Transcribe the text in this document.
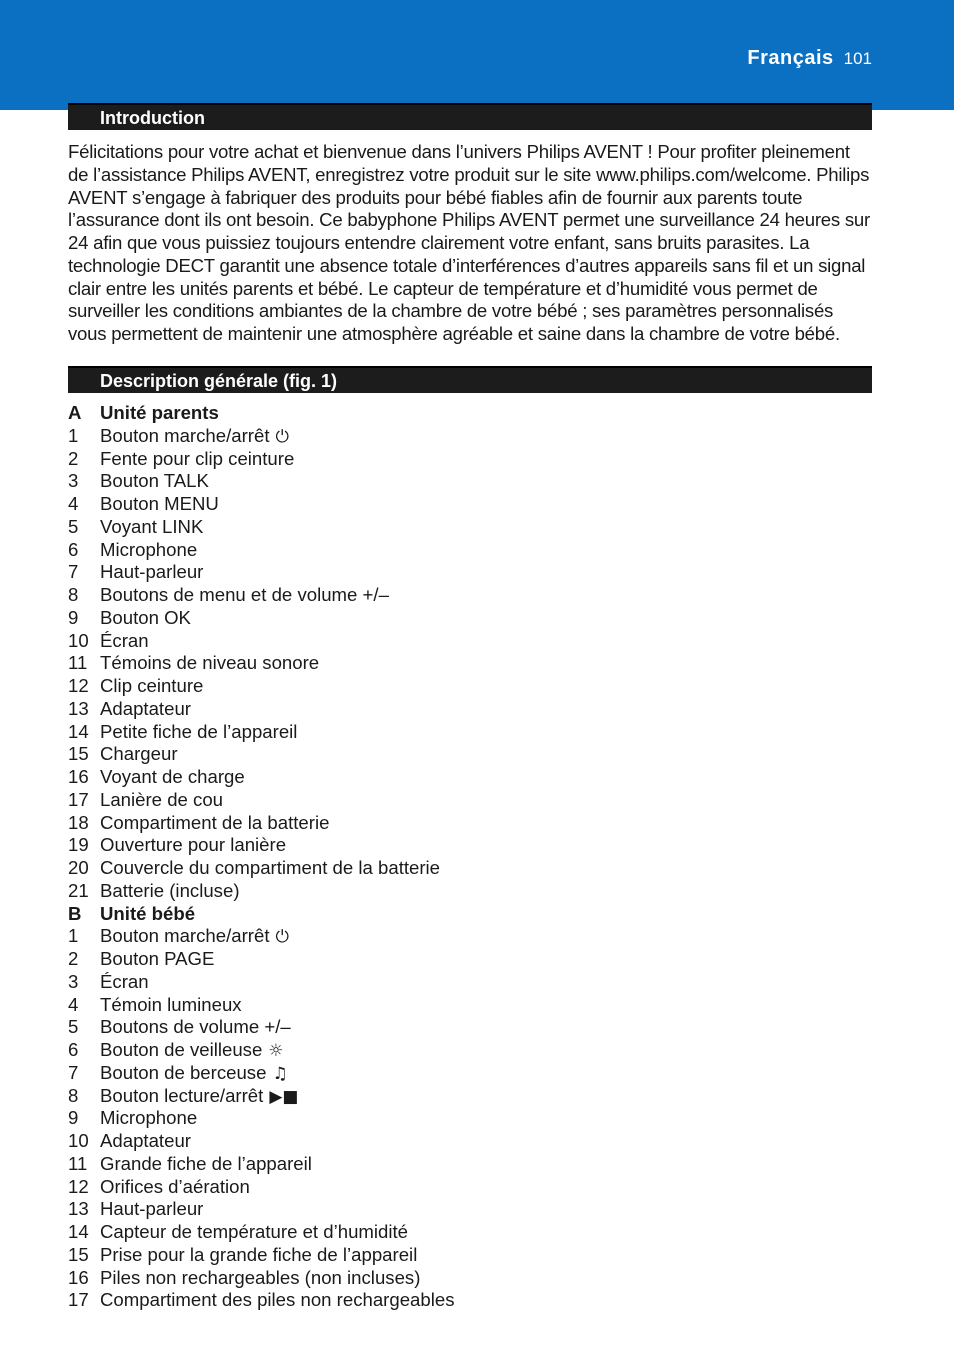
Français 101
Introduction

Félicitations pour votre achat et bienvenue dans l’univers Philips AVENT ! Pour profiter pleinement de l’assistance Philips AVENT, enregistrez votre produit sur le site www.philips.com/welcome. Philips AVENT s’engage à fabriquer des produits pour bébé fiables afin de fournir aux parents toute l’assurance dont ils ont besoin. Ce babyphone Philips AVENT permet une surveillance 24 heures sur 24 afin que vous puissiez toujours entendre clairement votre enfant, sans bruits parasites. La technologie DECT garantit une absence totale d’interférences d’autres appareils sans fil et un signal clair entre les unités parents et bébé. Le capteur de température et d’humidité vous permet de surveiller les conditions ambiantes de la chambre de votre bébé ; ses paramètres personnalisés vous permettent de maintenir une atmosphère agréable et saine dans la chambre de votre bébé.

Description générale (fig. 1)
A Unité parents
1	Bouton marche/arrêt ⏻
2	Fente pour clip ceinture
3	Bouton TALK
4	Bouton MENU
5	Voyant LINK
6	Microphone
7	Haut-parleur
8	Boutons de menu et de volume +/–
9	Bouton OK
10 Écran
11 Témoins de niveau sonore
12 Clip ceinture
13 Adaptateur
14 Petite fiche de l’appareil
15 Chargeur
16 Voyant de charge
17 Lanière de cou
18 Compartiment de la batterie
19 Ouverture pour lanière
20 Couvercle du compartiment de la batterie
21 Batterie (incluse)
B Unité bébé
1	Bouton marche/arrêt ⏻
2	Bouton PAGE
3	Écran
4	Témoin lumineux
5	Boutons de volume +/–
6	Bouton de veilleuse ☼
7	Bouton de berceuse ♫
8	Bouton lecture/arrêt ▶■
9	Microphone
10 Adaptateur
11 Grande fiche de l’appareil
12 Orifices d’aération
13 Haut-parleur
14 Capteur de température et d’humidité
15 Prise pour la grande fiche de l’appareil
16 Piles non rechargeables (non incluses)
17 Compartiment des piles non rechargeables
